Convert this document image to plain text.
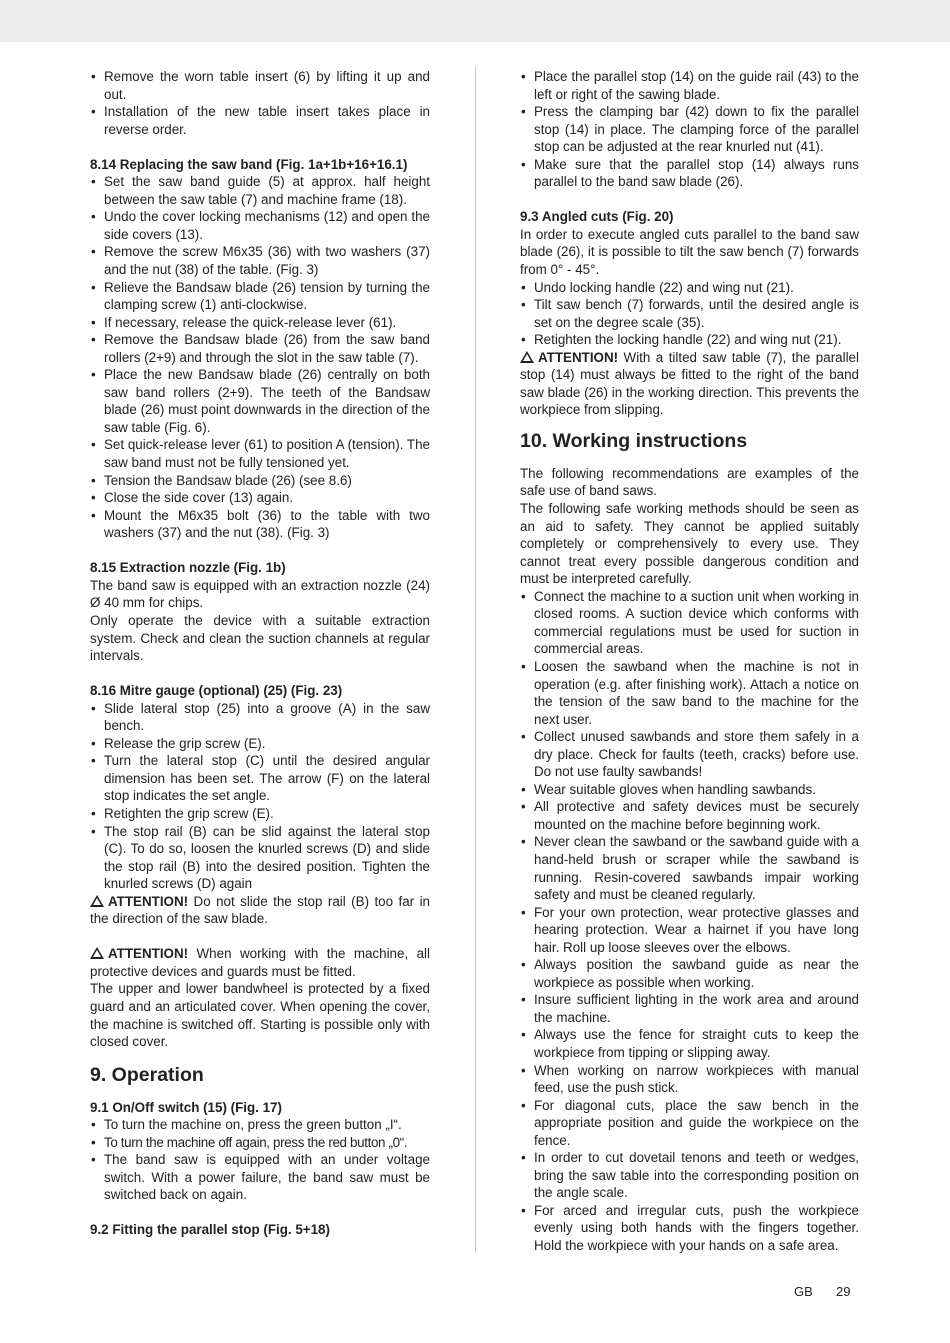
• Remove the worn table insert (6) by lifting it up and out.
• Installation of the new table insert takes place in reverse order.

8.14 Replacing the saw band (Fig. 1a+1b+16+16.1)

• Set the saw band guide (5) at approx. half height between the saw table (7) and machine frame (18).
• Undo the cover locking mechanisms (12) and open the side covers (13).
• Remove the screw M6x35 (36) with two washers (37) and the nut (38) of the table. (Fig. 3)
• Relieve the Bandsaw blade (26) tension by turning the clamping screw (1) anti-clockwise.
• If necessary, release the quick-release lever (61).
• Remove the Bandsaw blade (26) from the saw band rollers (2+9) and through the slot in the saw table (7).
• Place the new Bandsaw blade (26) centrally on both saw band rollers (2+9). The teeth of the Bandsaw blade (26) must point downwards in the direction of the saw table (Fig. 6).
• Set quick-release lever (61) to position A (tension). The saw band must not be fully tensioned yet.
• Tension the Bandsaw blade (26) (see 8.6)
• Close the side cover (13) again.
• Mount the M6x35 bolt (36) to the table with two washers (37) and the nut (38). (Fig. 3)

8.15 Extraction nozzle (Fig. 1b)

The band saw is equipped with an extraction nozzle (24) Ø 40 mm for chips.

Only operate the device with a suitable extraction system. Check and clean the suction channels at regular intervals.

8.16 Mitre gauge (optional) (25) (Fig. 23)

• Slide lateral stop (25) into a groove (A) in the saw bench.
• Release the grip screw (E).
• Turn the lateral stop (C) until the desired angular dimension has been set. The arrow (F) on the lateral stop indicates the set angle.
• Retighten the grip screw (E).
• The stop rail (B) can be slid against the lateral stop (C). To do so, loosen the knurled screws (D) and slide the stop rail (B) into the desired position. Tighten the knurled screws (D) again

ATTENTION! Do not slide the stop rail (B) too far in the direction of the saw blade.

ATTENTION! When working with the machine, all protective devices and guards must be fitted.

The upper and lower bandwheel is protected by a fixed guard and an articulated cover. When opening the cover, the machine is switched off. Starting is possible only with closed cover.

9. Operation

9.1 On/Off switch (15) (Fig. 17)

• To turn the machine on, press the green button „I“.
• To turn the machine off again, press the red button „0“.
• The band saw is equipped with an under voltage switch. With a power failure, the band saw must be switched back on again.

9.2 Fitting the parallel stop (Fig. 5+18)

• Place the parallel stop (14) on the guide rail (43) to the left or right of the sawing blade.
• Press the clamping bar (42) down to fix the parallel stop (14) in place. The clamping force of the parallel stop can be adjusted at the rear knurled nut (41).
• Make sure that the parallel stop (14) always runs parallel to the band saw blade (26).

9.3 Angled cuts (Fig. 20)

In order to execute angled cuts parallel to the band saw blade (26), it is possible to tilt the saw bench (7) forwards from 0° - 45°.

• Undo locking handle (22) and wing nut (21).
• Tilt saw bench (7) forwards, until the desired angle is set on the degree scale (35).
• Retighten the locking handle (22) and wing nut (21).

ATTENTION! With a tilted saw table (7), the parallel stop (14) must always be fitted to the right of the band saw blade (26) in the working direction. This prevents the workpiece from slipping.

10. Working instructions

The following recommendations are examples of the safe use of band saws.

The following safe working methods should be seen as an aid to safety. They cannot be applied suitably completely or comprehensively to every use. They cannot treat every possible dangerous condition and must be interpreted carefully.

• Connect the machine to a suction unit when working in closed rooms. A suction device which conforms with commercial regulations must be used for suction in commercial areas.
• Loosen the sawband when the machine is not in operation (e.g. after finishing work). Attach a notice on the tension of the saw band to the machine for the next user.
• Collect unused sawbands and store them safely in a dry place. Check for faults (teeth, cracks) before use. Do not use faulty sawbands!
• Wear suitable gloves when handling sawbands.
• All protective and safety devices must be securely mounted on the machine before beginning work.
• Never clean the sawband or the sawband guide with a hand-held brush or scraper while the sawband is running. Resin-covered sawbands impair working safety and must be cleaned regularly.
• For your own protection, wear protective glasses and hearing protection. Wear a hairnet if you have long hair. Roll up loose sleeves over the elbows.
• Always position the sawband guide as near the workpiece as possible when working.
• Insure sufficient lighting in the work area and around the machine.
• Always use the fence for straight cuts to keep the workpiece from tipping or slipping away.
• When working on narrow workpieces with manual feed, use the push stick.
• For diagonal cuts, place the saw bench in the appropriate position and guide the workpiece on the fence.
• In order to cut dovetail tenons and teeth or wedges, bring the saw table into the corresponding position on the angle scale.
• For arced and irregular cuts, push the workpiece evenly using both hands with the fingers together. Hold the workpiece with your hands on a safe area.
GB 29
